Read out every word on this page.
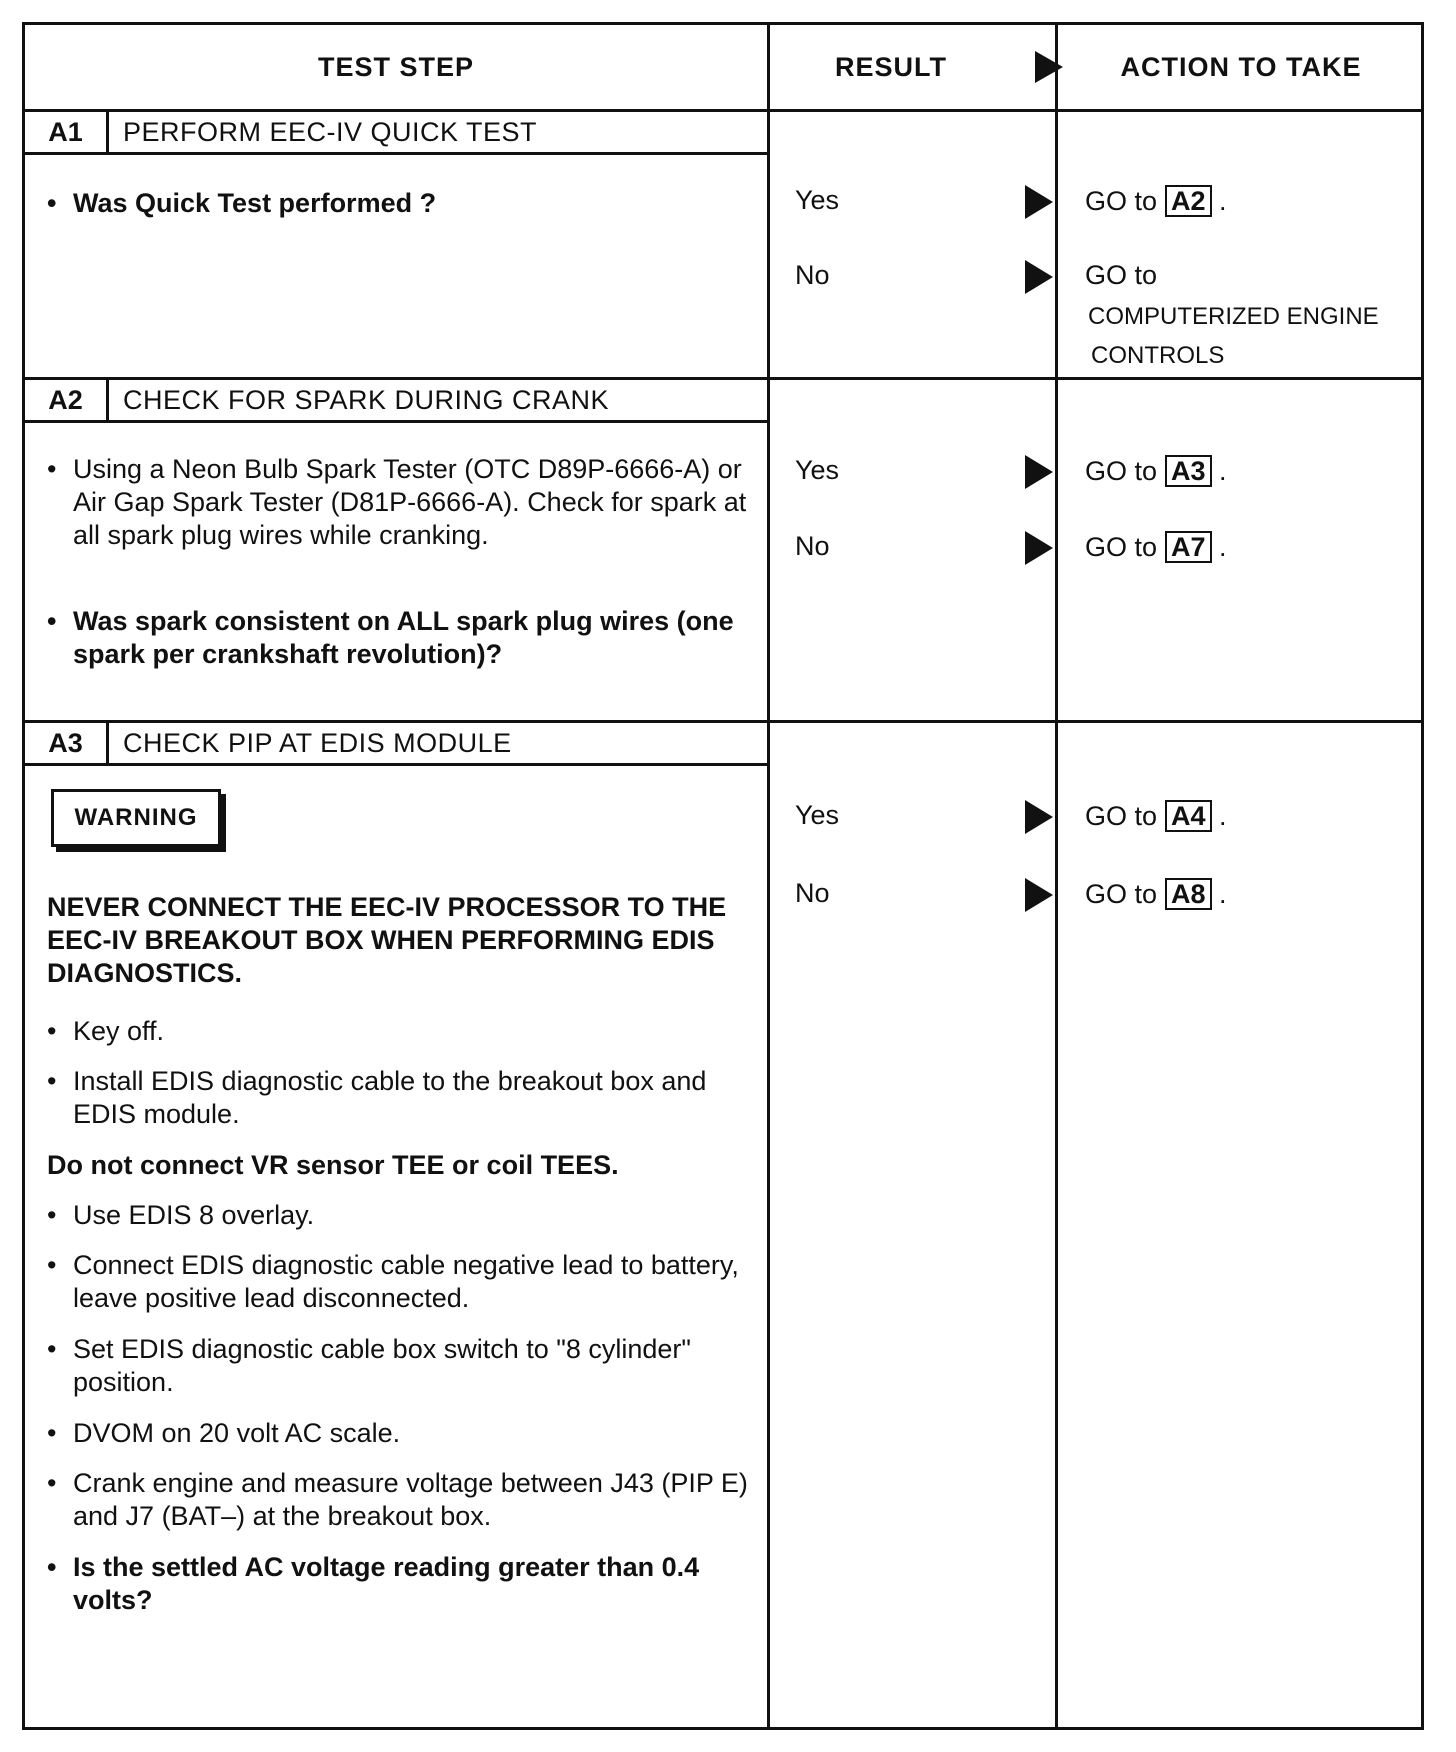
TEST STEP	RESULT	ACTION TO TAKE
A1	PERFORM EEC-IV QUICK TEST
• Was Quick Test performed ?	Yes	GO to A2 .
No	GO to
COMPUTERIZED ENGINE
CONTROLS
A2	CHECK FOR SPARK DURING CRANK
• Using a Neon Bulb Spark Tester (OTC D89P-6666-A) or Air Gap Spark Tester (D81P-6666-A). Check for spark at all spark plug wires while cranking.
• Was spark consistent on ALL spark plug wires (one spark per crankshaft revolution)?
Yes	GO to A3 .
No	GO to A7 .
A3	CHECK PIP AT EDIS MODULE
WARNING
NEVER CONNECT THE EEC-IV PROCESSOR TO THE EEC-IV BREAKOUT BOX WHEN PERFORMING EDIS DIAGNOSTICS.
• Key off.
• Install EDIS diagnostic cable to the breakout box and EDIS module.
Do not connect VR sensor TEE or coil TEES.
• Use EDIS 8 overlay.
• Connect EDIS diagnostic cable negative lead to battery, leave positive lead disconnected.
• Set EDIS diagnostic cable box switch to "8 cylinder" position.
• DVOM on 20 volt AC scale.
• Crank engine and measure voltage between J43 (PIP E) and J7 (BAT–) at the breakout box.
• Is the settled AC voltage reading greater than 0.4 volts?
Yes	GO to A4 .
No	GO to A8 .
